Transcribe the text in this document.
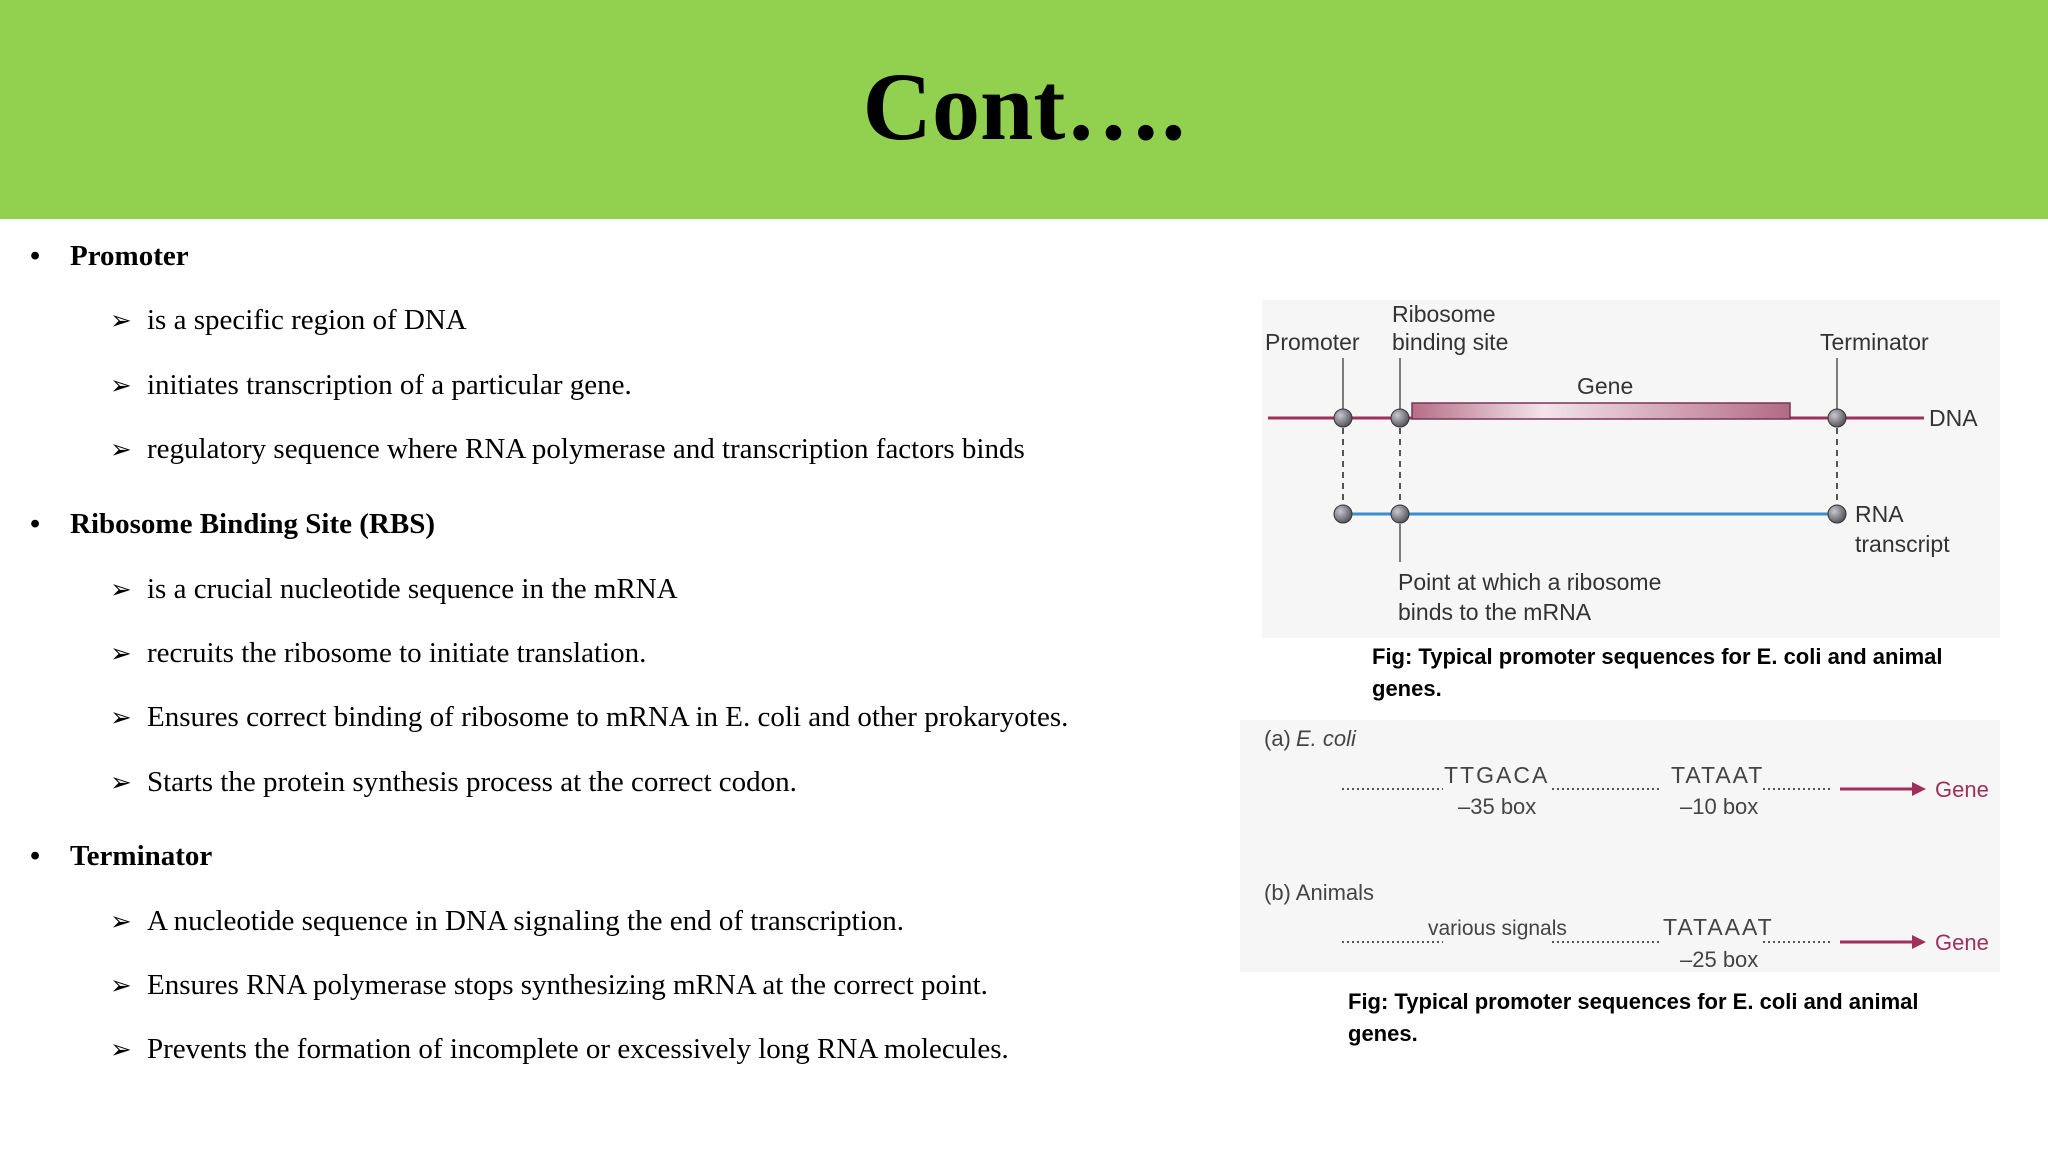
Cont….
• Promoter
➢ is a specific region of DNA
➢ initiates transcription of a particular gene.
➢ regulatory sequence where RNA polymerase and transcription factors binds
• Ribosome Binding Site (RBS)
➢ is a crucial nucleotide sequence in the mRNA
➢ recruits the ribosome to initiate translation.
➢ Ensures correct binding of ribosome to mRNA in E. coli and other prokaryotes.
➢ Starts the protein synthesis process at the correct codon.
• Terminator
➢ A nucleotide sequence in DNA signaling the end of transcription.
➢ Ensures RNA polymerase stops synthesizing mRNA at the correct point.
➢ Prevents the formation of incomplete or excessively long RNA molecules.
Promoter
Ribosome
binding site	Terminator
Gene
DNA
RNA
transcript
Point at which a ribosome
binds to the mRNA
Fig: Typical promoter sequences for E. coli and animal genes.
(a) E. coli
TTGACA
–35 box
TATAAT
–10 box
Gene
(b) Animals
various signals	TATAAAT
–25 box
Gene
Fig: Typical promoter sequences for E. coli and animal genes.
